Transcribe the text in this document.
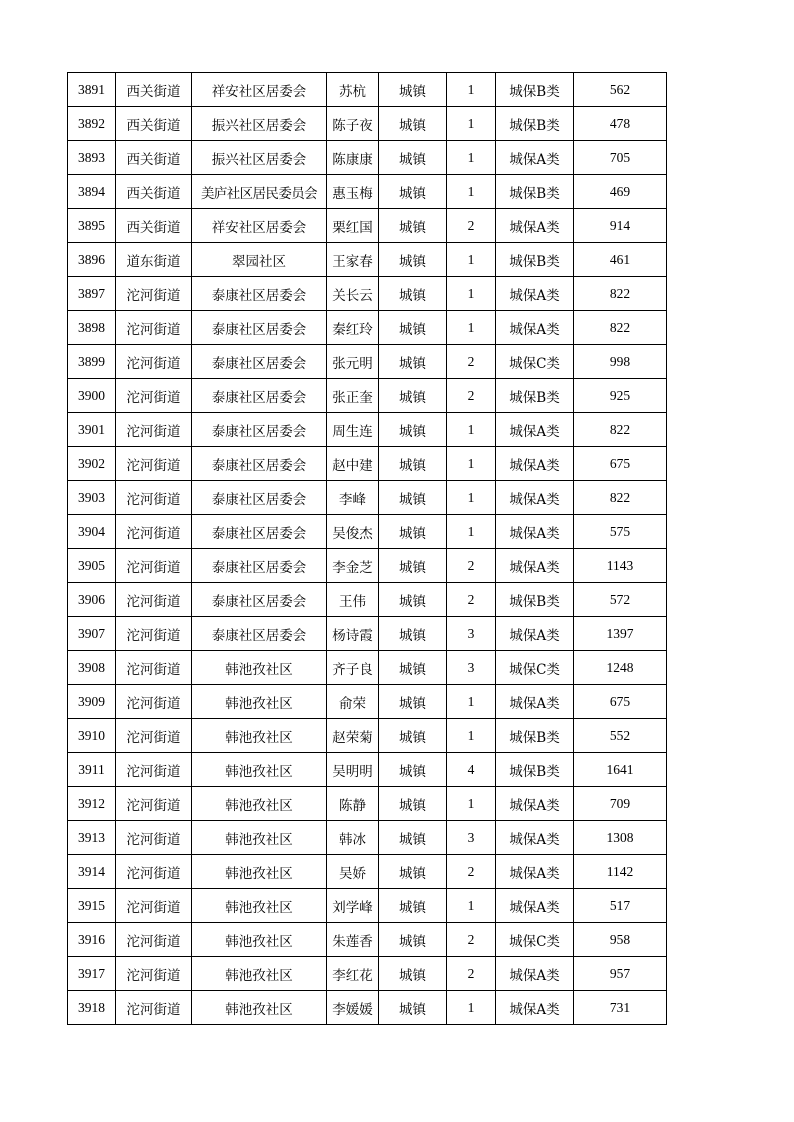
3891	西关街道	祥安社区居委会	苏杭	城镇	1	城保B类	562
3892	西关街道	振兴社区居委会	陈子夜	城镇	1	城保B类	478
3893	西关街道	振兴社区居委会	陈康康	城镇	1	城保A类	705
3894	西关街道	美庐社区居民委员会	惠玉梅	城镇	1	城保B类	469
3895	西关街道	祥安社区居委会	栗红国	城镇	2	城保A类	914
3896	道东街道	翠园社区	王家春	城镇	1	城保B类	461
3897	沱河街道	泰康社区居委会	关长云	城镇	1	城保A类	822
3898	沱河街道	泰康社区居委会	秦红玲	城镇	1	城保A类	822
3899	沱河街道	泰康社区居委会	张元明	城镇	2	城保C类	998
3900	沱河街道	泰康社区居委会	张正奎	城镇	2	城保B类	925
3901	沱河街道	泰康社区居委会	周生连	城镇	1	城保A类	822
3902	沱河街道	泰康社区居委会	赵中建	城镇	1	城保A类	675
3903	沱河街道	泰康社区居委会	李峰	城镇	1	城保A类	822
3904	沱河街道	泰康社区居委会	吴俊杰	城镇	1	城保A类	575
3905	沱河街道	泰康社区居委会	李金芝	城镇	2	城保A类	1143
3906	沱河街道	泰康社区居委会	王伟	城镇	2	城保B类	572
3907	沱河街道	泰康社区居委会	杨诗霞	城镇	3	城保A类	1397
3908	沱河街道	韩池孜社区	齐子良	城镇	3	城保C类	1248
3909	沱河街道	韩池孜社区	俞荣	城镇	1	城保A类	675
3910	沱河街道	韩池孜社区	赵荣菊	城镇	1	城保B类	552
3911	沱河街道	韩池孜社区	吴明明	城镇	4	城保B类	1641
3912	沱河街道	韩池孜社区	陈静	城镇	1	城保A类	709
3913	沱河街道	韩池孜社区	韩冰	城镇	3	城保A类	1308
3914	沱河街道	韩池孜社区	吴娇	城镇	2	城保A类	1142
3915	沱河街道	韩池孜社区	刘学峰	城镇	1	城保A类	517
3916	沱河街道	韩池孜社区	朱莲香	城镇	2	城保C类	958
3917	沱河街道	韩池孜社区	李红花	城镇	2	城保A类	957
3918	沱河街道	韩池孜社区	李媛媛	城镇	1	城保A类	731
